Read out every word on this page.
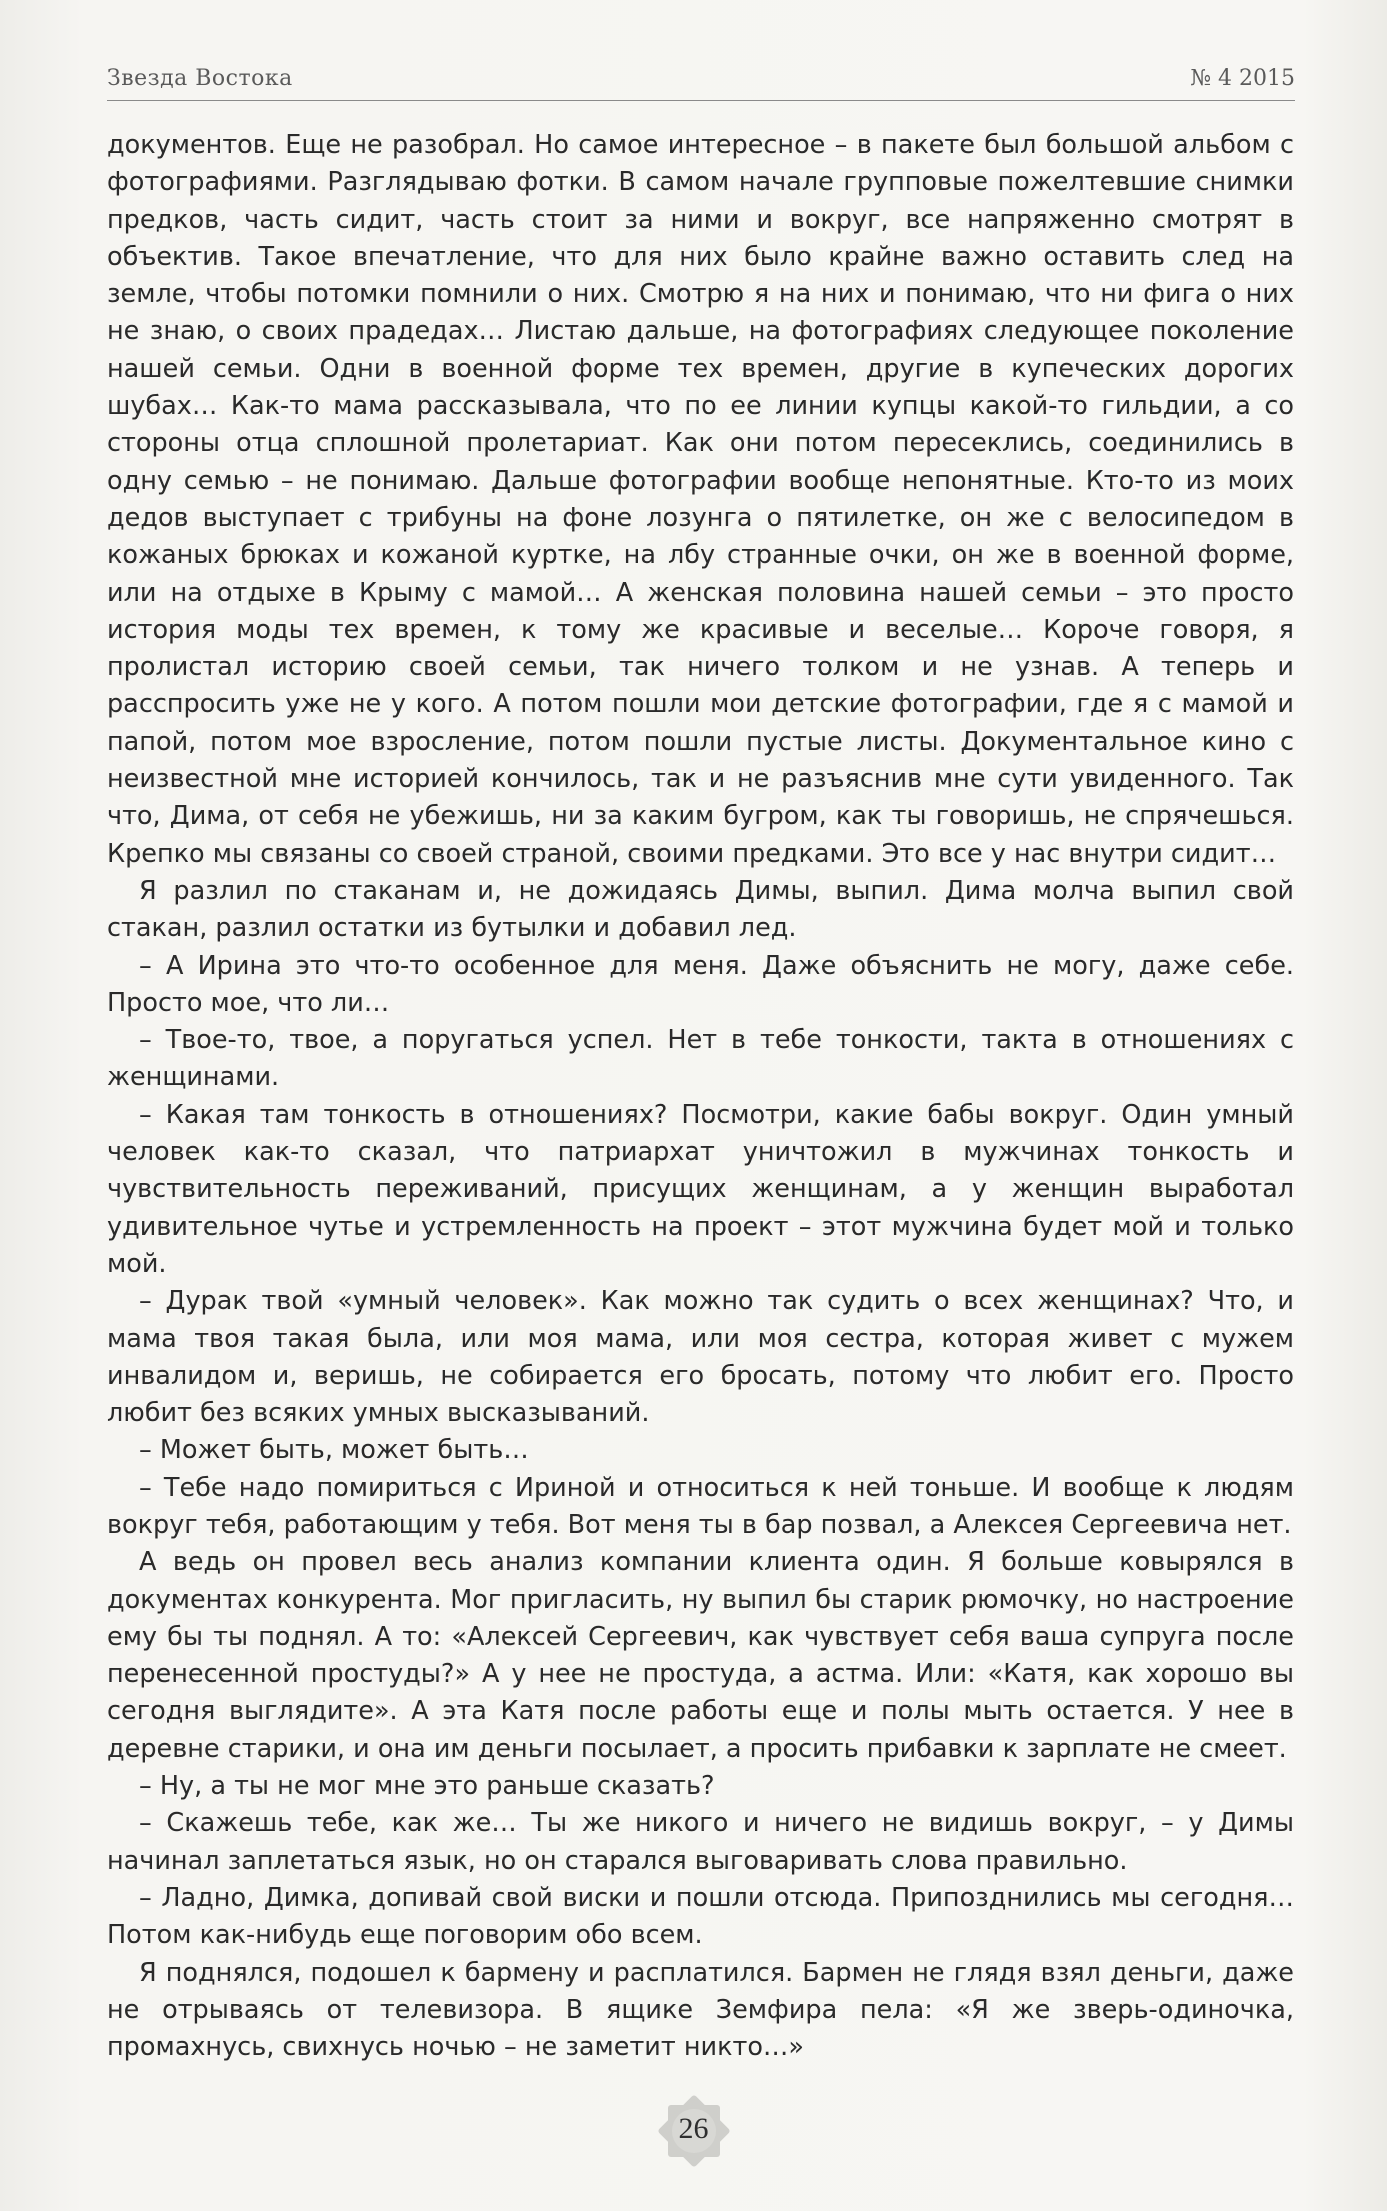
Звезда Востока	№ 4 2015

документов. Еще не разобрал. Но самое интересное – в пакете был большой альбом с фотографиями. Разглядываю фотки. В самом начале групповые пожелтевшие снимки предков, часть сидит, часть стоит за ними и вокруг, все напряженно смотрят в объектив. Такое впечатление, что для них было крайне важно оставить след на земле, чтобы потомки помнили о них. Смотрю я на них и понимаю, что ни фига о них не знаю, о своих прадедах… Листаю дальше, на фотографиях следующее поколение нашей семьи. Одни в военной форме тех времен, другие в купеческих дорогих шубах… Как-то мама рассказывала, что по ее линии купцы какой-то гильдии, а со стороны отца сплошной пролетариат. Как они потом пересеклись, соединились в одну семью – не понимаю. Дальше фотографии вообще непонятные. Кто-то из моих дедов выступает с трибуны на фоне лозунга о пятилетке, он же с велосипедом в кожаных брюках и кожаной куртке, на лбу странные очки, он же в военной форме, или на отдыхе в Крыму с мамой… А женская половина нашей семьи – это просто история моды тех времен, к тому же красивые и веселые… Короче говоря, я пролистал историю своей семьи, так ничего толком и не узнав. А теперь и расспросить уже не у кого. А потом пошли мои детские фотографии, где я с мамой и папой, потом мое взросление, потом пошли пустые листы. Документальное кино с неизвестной мне историей кончилось, так и не разъяснив мне сути увиденного. Так что, Дима, от себя не убежишь, ни за каким бугром, как ты говоришь, не спрячешься. Крепко мы связаны со своей страной, своими предками. Это все у нас внутри сидит…

Я разлил по стаканам и, не дожидаясь Димы, выпил. Дима молча выпил свой стакан, разлил остатки из бутылки и добавил лед.

– А Ирина это что-то особенное для меня. Даже объяснить не могу, даже себе. Просто мое, что ли…

– Твое-то, твое, а поругаться успел. Нет в тебе тонкости, такта в отношениях с женщинами.

– Какая там тонкость в отношениях? Посмотри, какие бабы вокруг. Один умный человек как-то сказал, что патриархат уничтожил в мужчинах тонкость и чувствительность переживаний, присущих женщинам, а у женщин выработал удивительное чутье и устремленность на проект – этот мужчина будет мой и только мой.

– Дурак твой «умный человек». Как можно так судить о всех женщинах? Что, и мама твоя такая была, или моя мама, или моя сестра, которая живет с мужем инвалидом и, веришь, не собирается его бросать, потому что любит его. Просто любит без всяких умных высказываний.

– Может быть, может быть…

– Тебе надо помириться с Ириной и относиться к ней тоньше. И вообще к людям вокруг тебя, работающим у тебя. Вот меня ты в бар позвал, а Алексея Сергеевича нет.

А ведь он провел весь анализ компании клиента один. Я больше ковырялся в документах конкурента. Мог пригласить, ну выпил бы старик рюмочку, но настроение ему бы ты поднял. А то: «Алексей Сергеевич, как чувствует себя ваша супруга после перенесенной простуды?» А у нее не простуда, а астма. Или: «Катя, как хорошо вы сегодня выглядите». А эта Катя после работы еще и полы мыть остается. У нее в деревне старики, и она им деньги посылает, а просить прибавки к зарплате не смеет.

– Ну, а ты не мог мне это раньше сказать?

– Скажешь тебе, как же… Ты же никого и ничего не видишь вокруг, – у Димы начинал заплетаться язык, но он старался выговаривать слова правильно.

– Ладно, Димка, допивай свой виски и пошли отсюда. Припозднились мы сегодня… Потом как-нибудь еще поговорим обо всем.

Я поднялся, подошел к бармену и расплатился. Бармен не глядя взял деньги, даже не отрываясь от телевизора. В ящике Земфира пела: «Я же зверь-одиночка, промахнусь, свихнусь ночью – не заметит никто…»

26
